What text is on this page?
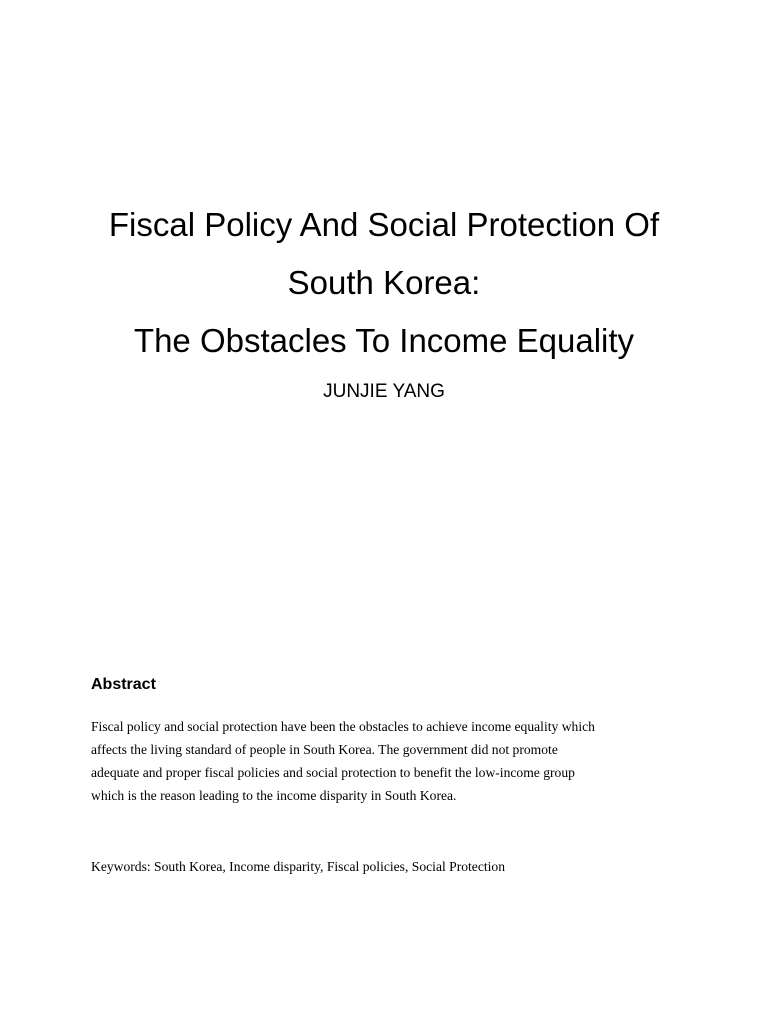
Fiscal Policy And Social Protection Of
South Korea:
The Obstacles To Income Equality
JUNJIE YANG
Abstract

Fiscal policy and social protection have been the obstacles to achieve income equality which
affects the living standard of people in South Korea. The government did not promote
adequate and proper fiscal policies and social protection to benefit the low-income group
which is the reason leading to the income disparity in South Korea.

Keywords: South Korea, Income disparity, Fiscal policies, Social Protection
